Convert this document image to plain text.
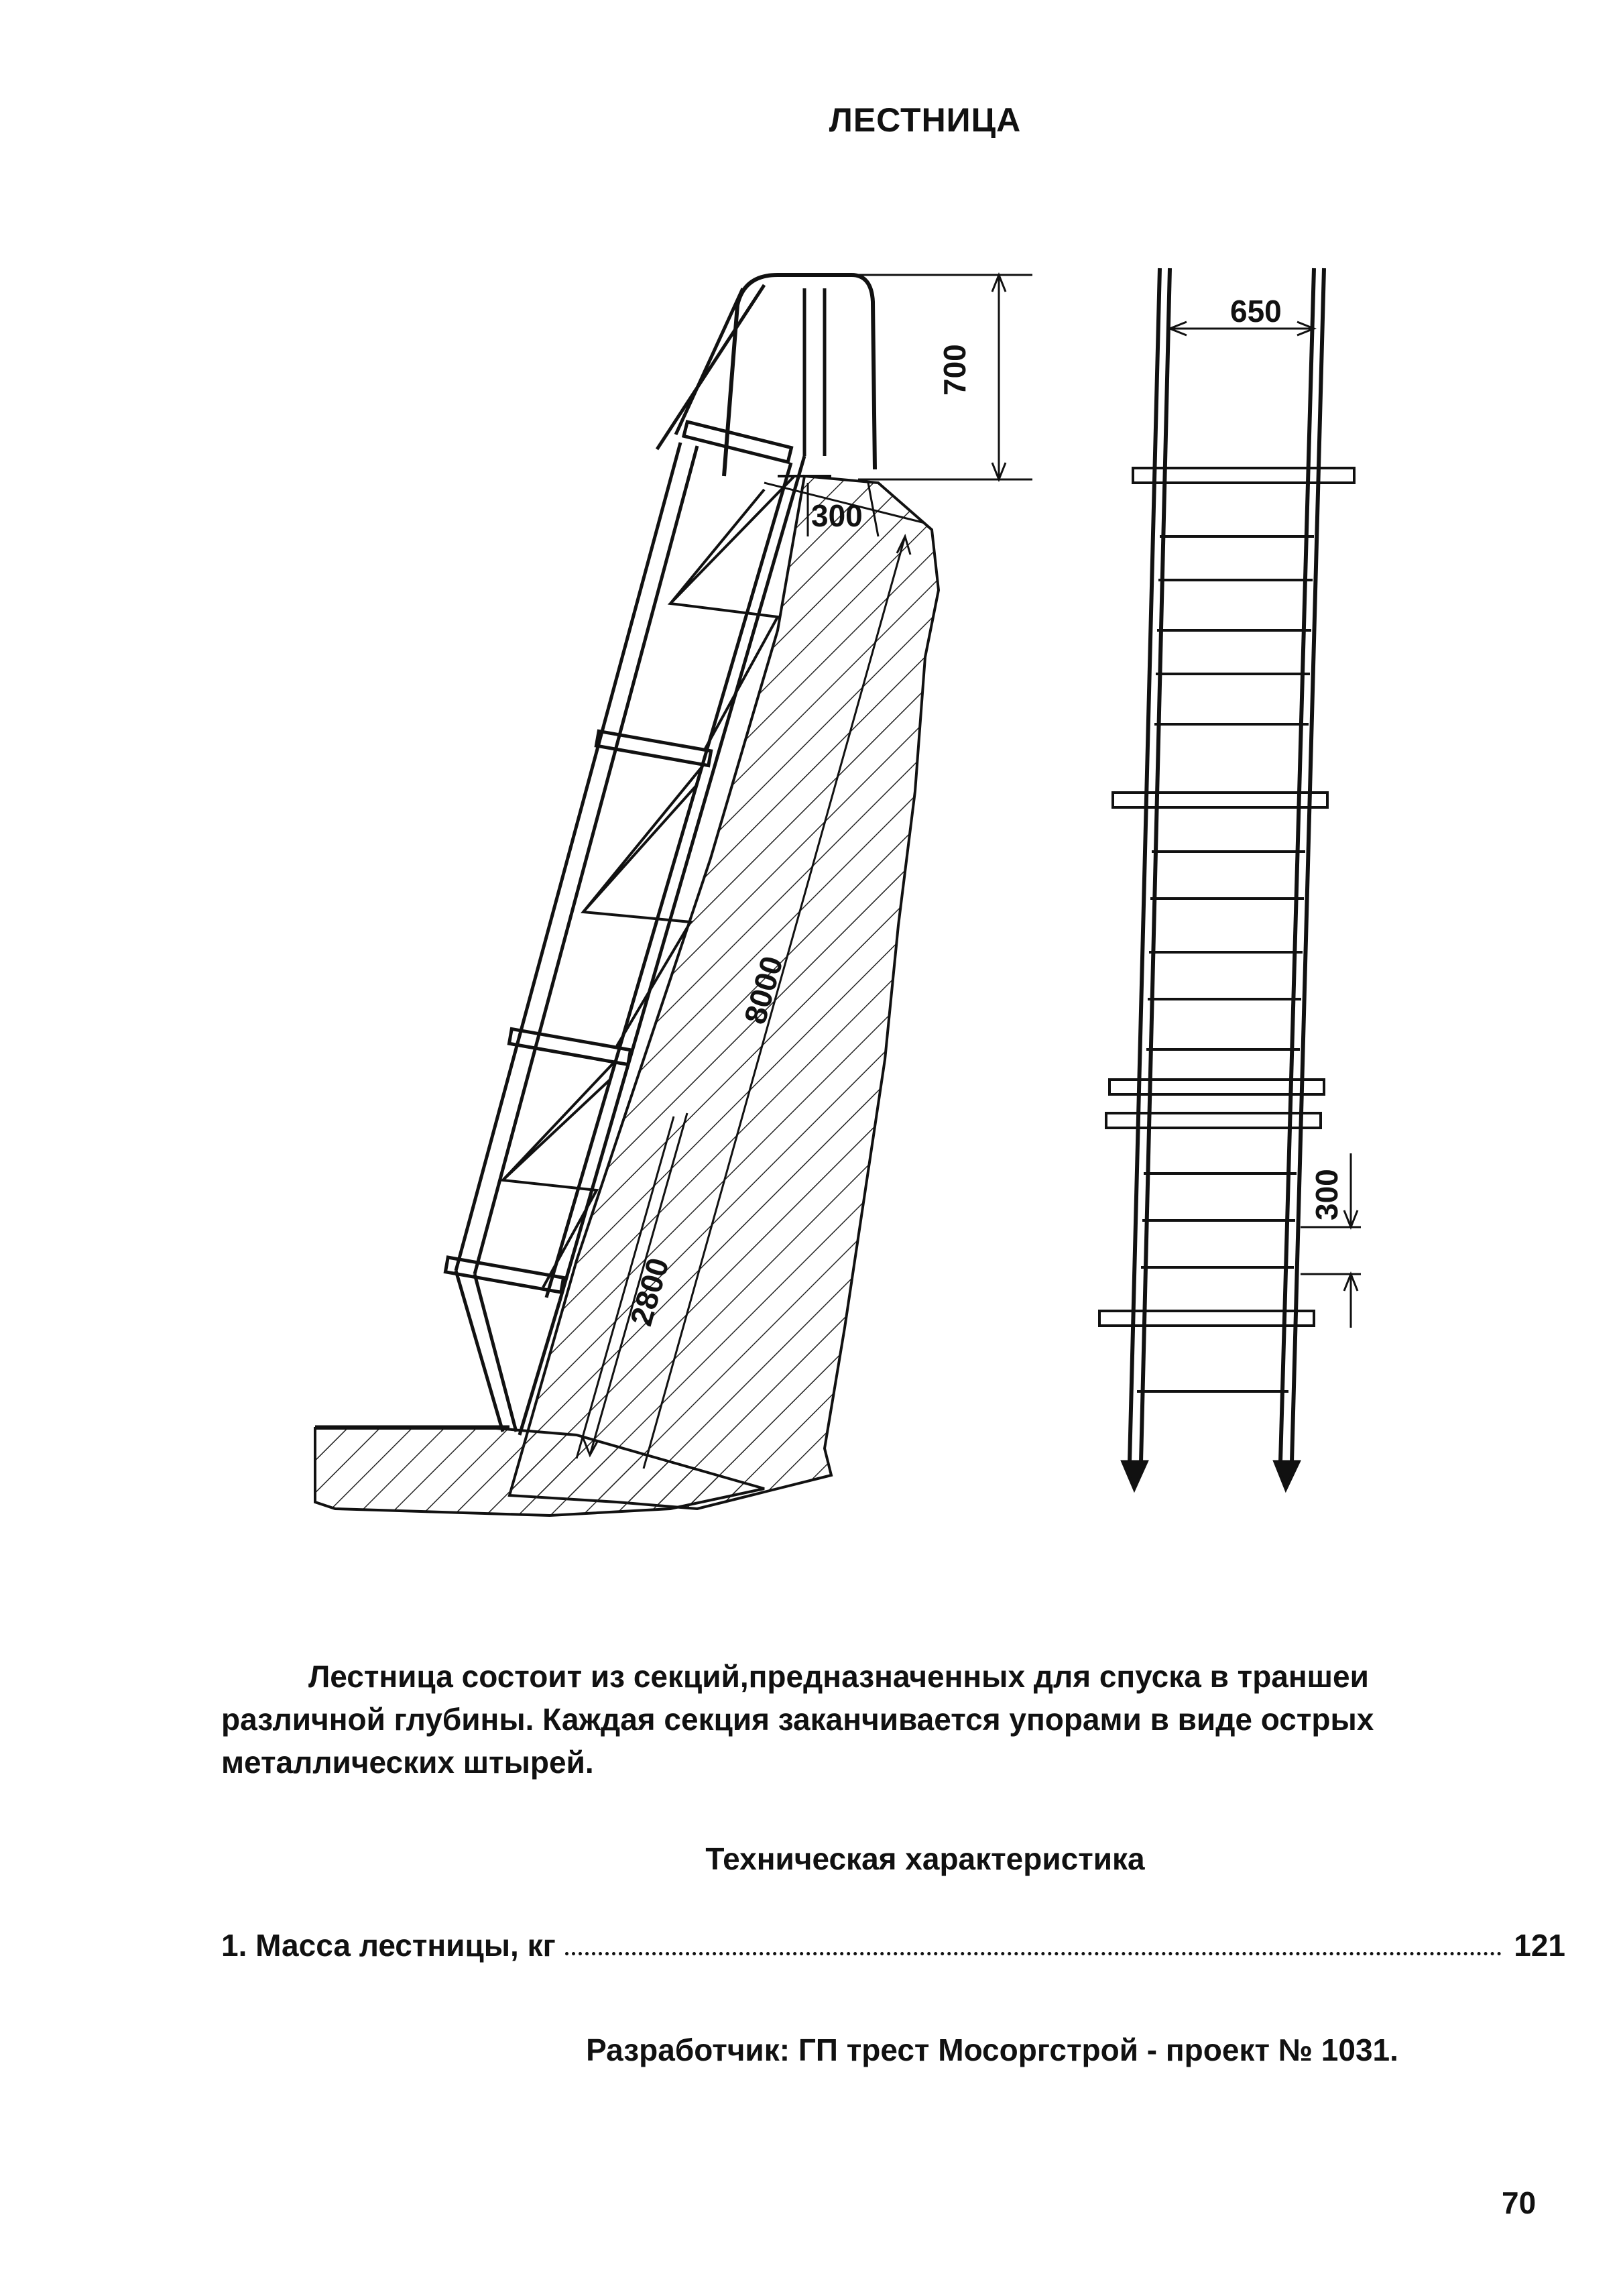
ЛЕСТНИЦА
700
650
300
8000
2800
300
Лестница состоит из секций,предназначенных для спуска в траншеи
различной глубины. Каждая секция заканчивается упорами в виде острых
металлических штырей.
Техническая характеристика
1. Масса лестницы, кг	121
Разработчик: ГП трест Мосоргстрой - проект № 1031.
70
